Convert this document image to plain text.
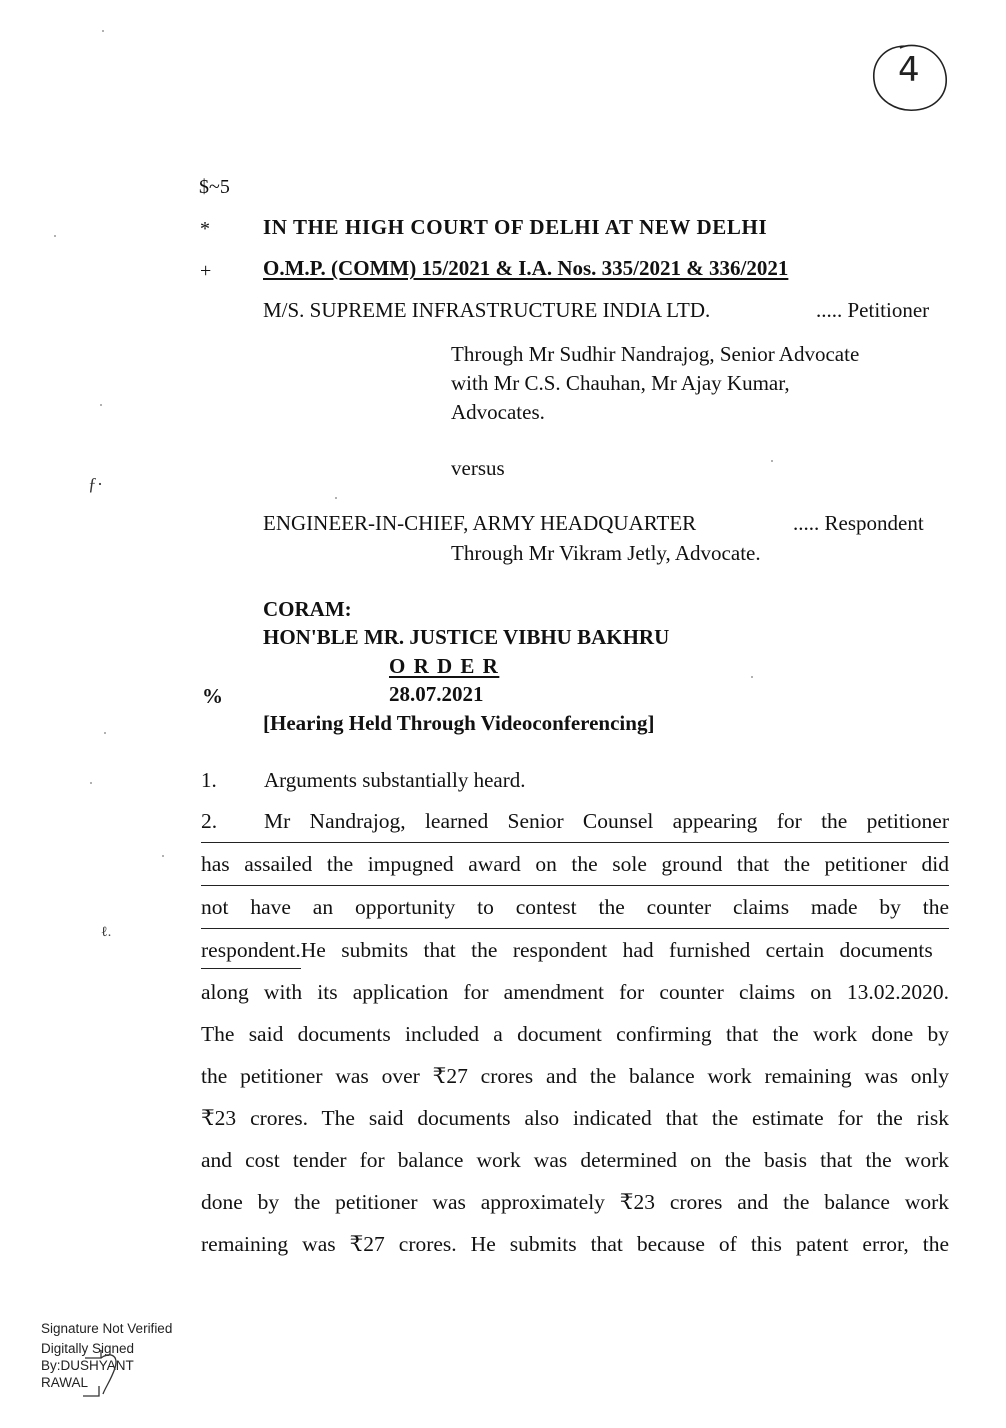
4
$~5
*	IN THE HIGH COURT OF DELHI AT NEW DELHI
+ O.M.P. (COMM) 15/2021 & I.A. Nos. 335/2021 & 336/2021
M/S. SUPREME INFRASTRUCTURE INDIA LTD.	..... Petitioner
Through Mr Sudhir Nandrajog, Senior Advocate
with Mr C.S. Chauhan, Mr Ajay Kumar,
Advocates.
versus
ENGINEER-IN-CHIEF, ARMY HEADQUARTER	..... Respondent
Through Mr Vikram Jetly, Advocate.
CORAM:
HON'BLE MR. JUSTICE VIBHU BAKHRU
O R D E R
%	28.07.2021
[Hearing Held Through Videoconferencing]
1. Arguments substantially heard.
2. Mr Nandrajog, learned Senior Counsel appearing for the petitioner
has assailed the impugned award on the sole ground that the petitioner did
not have an opportunity to contest the counter claims made by the
respondent.He submits that the respondent had furnished certain documents
along with its application for amendment for counter claims on 13.02.2020.
The said documents included a document confirming that the work done by
the petitioner was over ₹27 crores and the balance work remaining was only
₹23 crores. The said documents also indicated that the estimate for the risk
and cost tender for balance work was determined on the basis that the work
done by the petitioner was approximately ₹23 crores and the balance work
remaining was ₹27 crores. He submits that because of this patent error, the
ƒ·
ℓ.
Signature Not Verified
Digitally Signed
By:DUSHYANT
RAWAL
